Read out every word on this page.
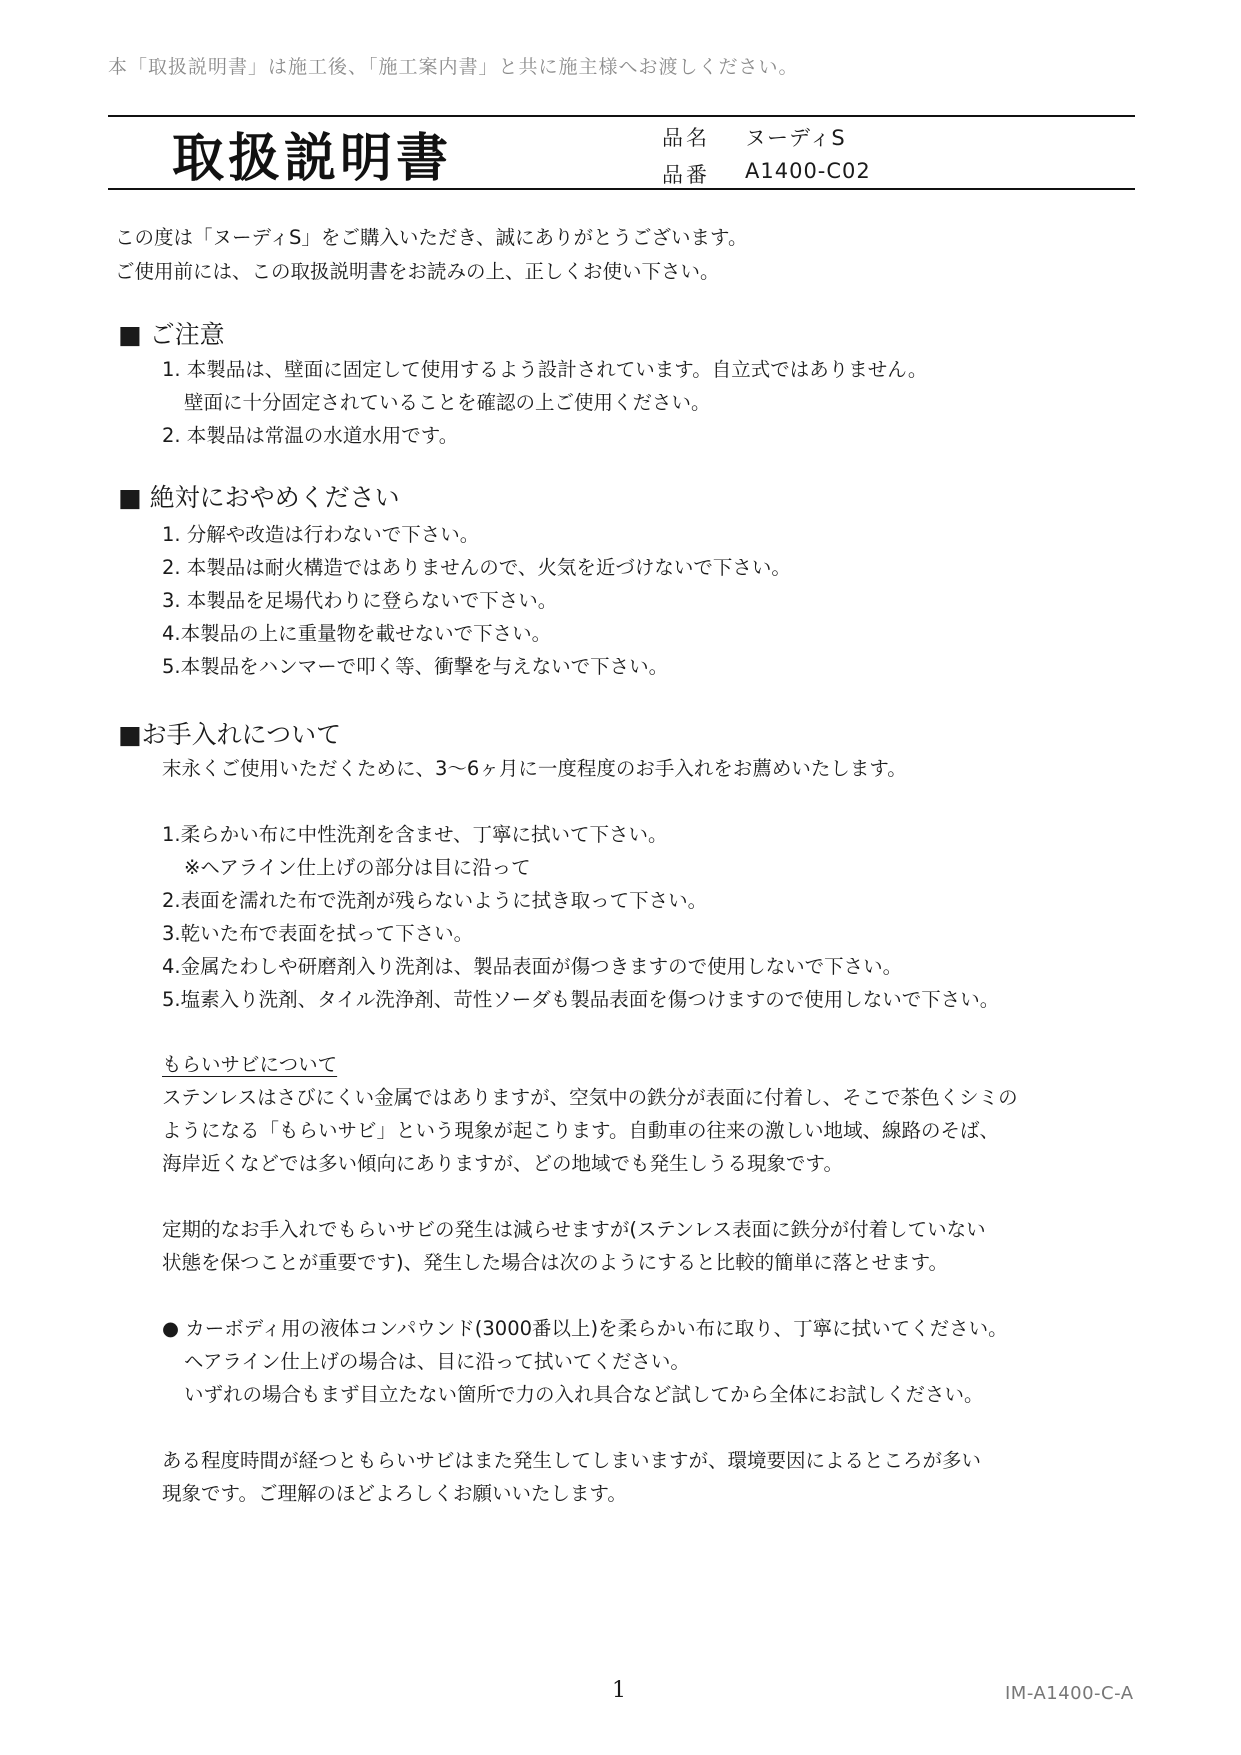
本「取扱説明書」は施工後、「施工案内書」と共に施主様へお渡しください。
取扱説明書	品名 ヌーディS
品番 A1400-C02
この度は「ヌーディS」をご購入いただき、誠にありがとうございます。
ご使用前には、この取扱説明書をお読みの上、正しくお使い下さい。
■ ご注意
1. 本製品は、壁面に固定して使用するよう設計されています。自立式ではありません。
壁面に十分固定されていることを確認の上ご使用ください。
2. 本製品は常温の水道水用です。
■ 絶対におやめください
1. 分解や改造は行わないで下さい。
2. 本製品は耐火構造ではありませんので、火気を近づけないで下さい。
3. 本製品を足場代わりに登らないで下さい。
4.本製品の上に重量物を載せないで下さい。
5.本製品をハンマーで叩く等、衝撃を与えないで下さい。
■お手入れについて
末永くご使用いただくために、3～6ヶ月に一度程度のお手入れをお薦めいたします。
1.柔らかい布に中性洗剤を含ませ、丁寧に拭いて下さい。
※ヘアライン仕上げの部分は目に沿って
2.表面を濡れた布で洗剤が残らないように拭き取って下さい。
3.乾いた布で表面を拭って下さい。
4.金属たわしや研磨剤入り洗剤は、製品表面が傷つきますので使用しないで下さい。
5.塩素入り洗剤、タイル洗浄剤、苛性ソーダも製品表面を傷つけますので使用しないで下さい。
もらいサビについて
ステンレスはさびにくい金属ではありますが、空気中の鉄分が表面に付着し、そこで茶色くシミの
ようになる「もらいサビ」という現象が起こります。自動車の往来の激しい地域、線路のそば、
海岸近くなどでは多い傾向にありますが、どの地域でも発生しうる現象です。
定期的なお手入れでもらいサビの発生は減らせますが(ステンレス表面に鉄分が付着していない
状態を保つことが重要です)、発生した場合は次のようにすると比較的簡単に落とせます。
● カーボディ用の液体コンパウンド(3000番以上)を柔らかい布に取り、丁寧に拭いてください。
ヘアライン仕上げの場合は、目に沿って拭いてください。
いずれの場合もまず目立たない箇所で力の入れ具合など試してから全体にお試しください。
ある程度時間が経つともらいサビはまた発生してしまいますが、環境要因によるところが多い
現象です。ご理解のほどよろしくお願いいたします。
1	IM-A1400-C-A
